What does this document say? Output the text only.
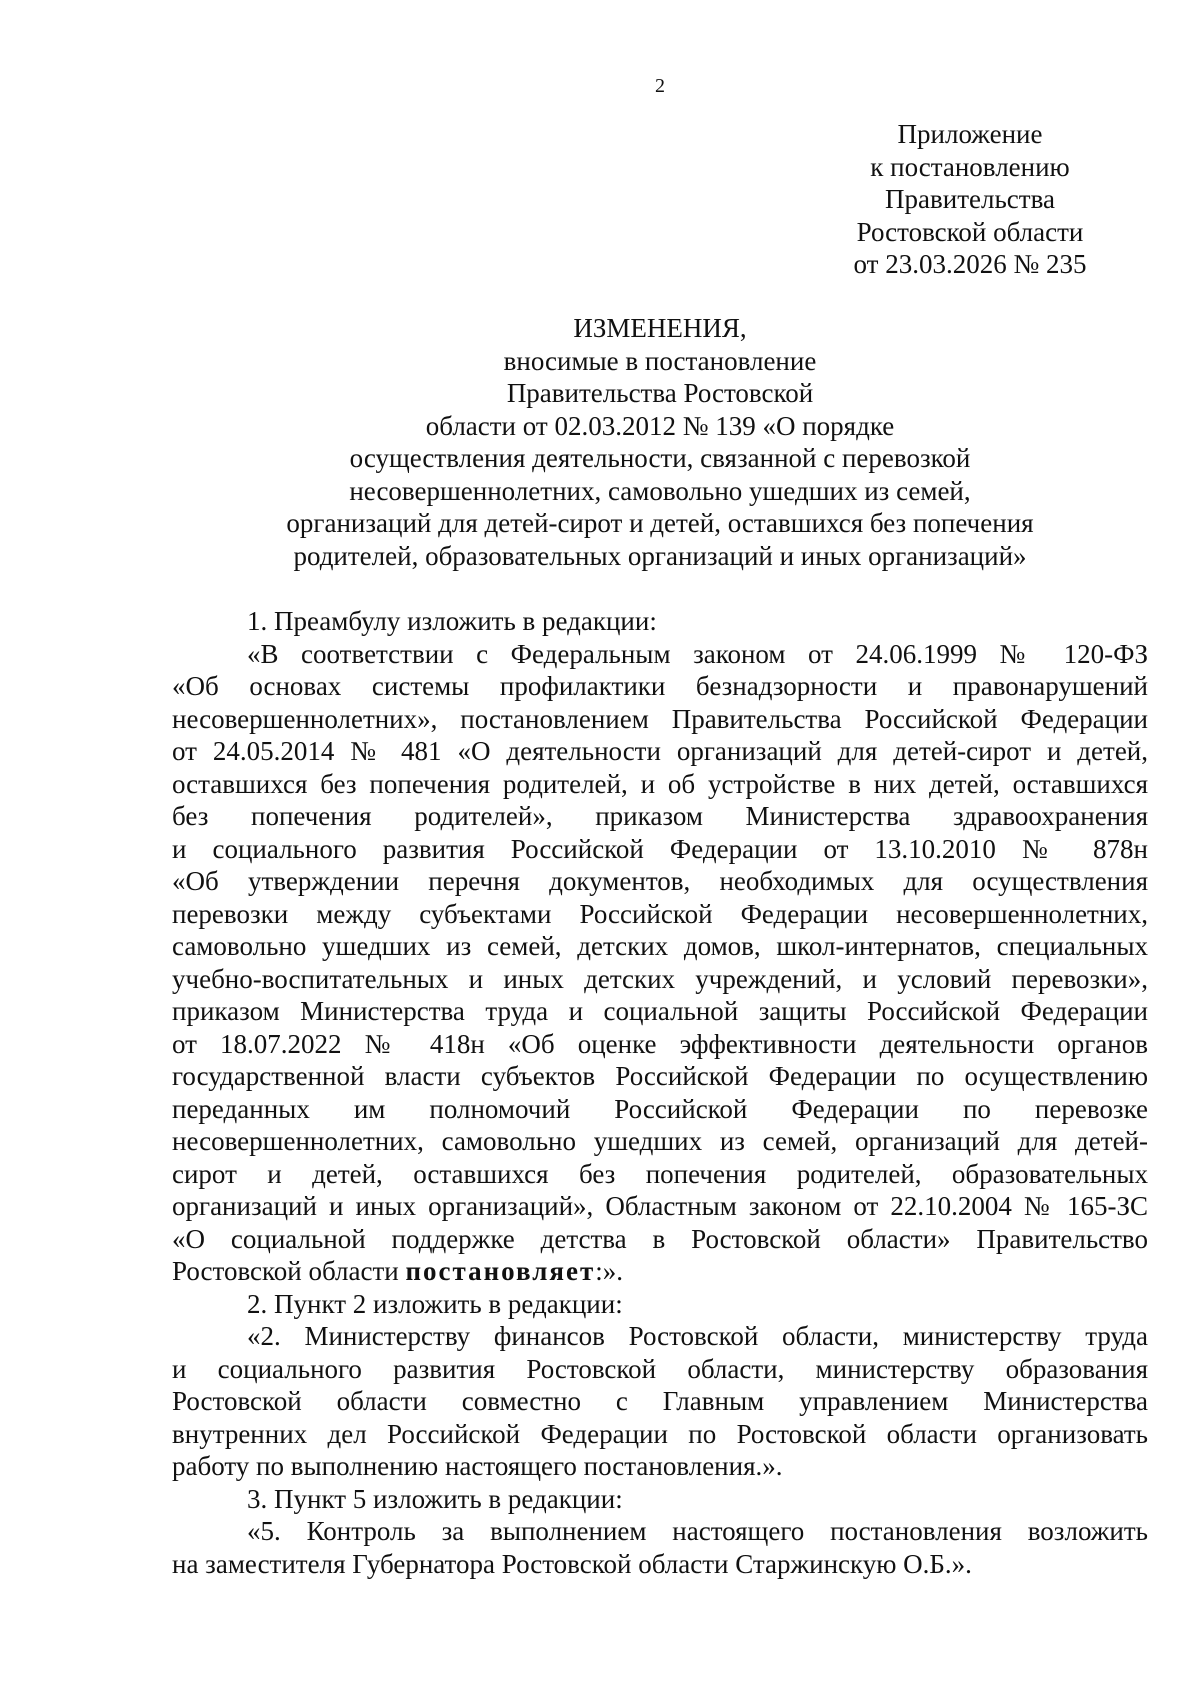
2
Приложение
к постановлению
Правительства
Ростовской области
от 23.03.2026 № 235
ИЗМЕНЕНИЯ,
вносимые в постановление
Правительства Ростовской
области от 02.03.2012 № 139 «О порядке
осуществления деятельности, связанной с перевозкой
несовершеннолетних, самовольно ушедших из семей,
организаций для детей-сирот и детей, оставшихся без попечения
родителей, образовательных организаций и иных организаций»
1. Преамбулу изложить в редакции:
«В соответствии с Федеральным законом от 24.06.1999 № 120-ФЗ
«Об основах системы профилактики безнадзорности и правонарушений
несовершеннолетних», постановлением Правительства Российской Федерации
от 24.05.2014 № 481 «О деятельности организаций для детей-сирот и детей,
оставшихся без попечения родителей, и об устройстве в них детей, оставшихся
без попечения родителей», приказом Министерства здравоохранения
и социального развития Российской Федерации от 13.10.2010 № 878н
«Об утверждении перечня документов, необходимых для осуществления
перевозки между субъектами Российской Федерации несовершеннолетних,
самовольно ушедших из семей, детских домов, школ-интернатов, специальных
учебно-воспитательных и иных детских учреждений, и условий перевозки»,
приказом Министерства труда и социальной защиты Российской Федерации
от 18.07.2022 № 418н «Об оценке эффективности деятельности органов
государственной власти субъектов Российской Федерации по осуществлению
переданных им полномочий Российской Федерации по перевозке
несовершеннолетних, самовольно ушедших из семей, организаций для детей-
сирот и детей, оставшихся без попечения родителей, образовательных
организаций и иных организаций», Областным законом от 22.10.2004 № 165-ЗС
«О социальной поддержке детства в Ростовской области» Правительство
Ростовской области постановляет:».
2. Пункт 2 изложить в редакции:
«2. Министерству финансов Ростовской области, министерству труда
и социального развития Ростовской области, министерству образования
Ростовской области совместно с Главным управлением Министерства
внутренних дел Российской Федерации по Ростовской области организовать
работу по выполнению настоящего постановления.».
3. Пункт 5 изложить в редакции:
«5. Контроль за выполнением настоящего постановления возложить
на заместителя Губернатора Ростовской области Старжинскую О.Б.».
